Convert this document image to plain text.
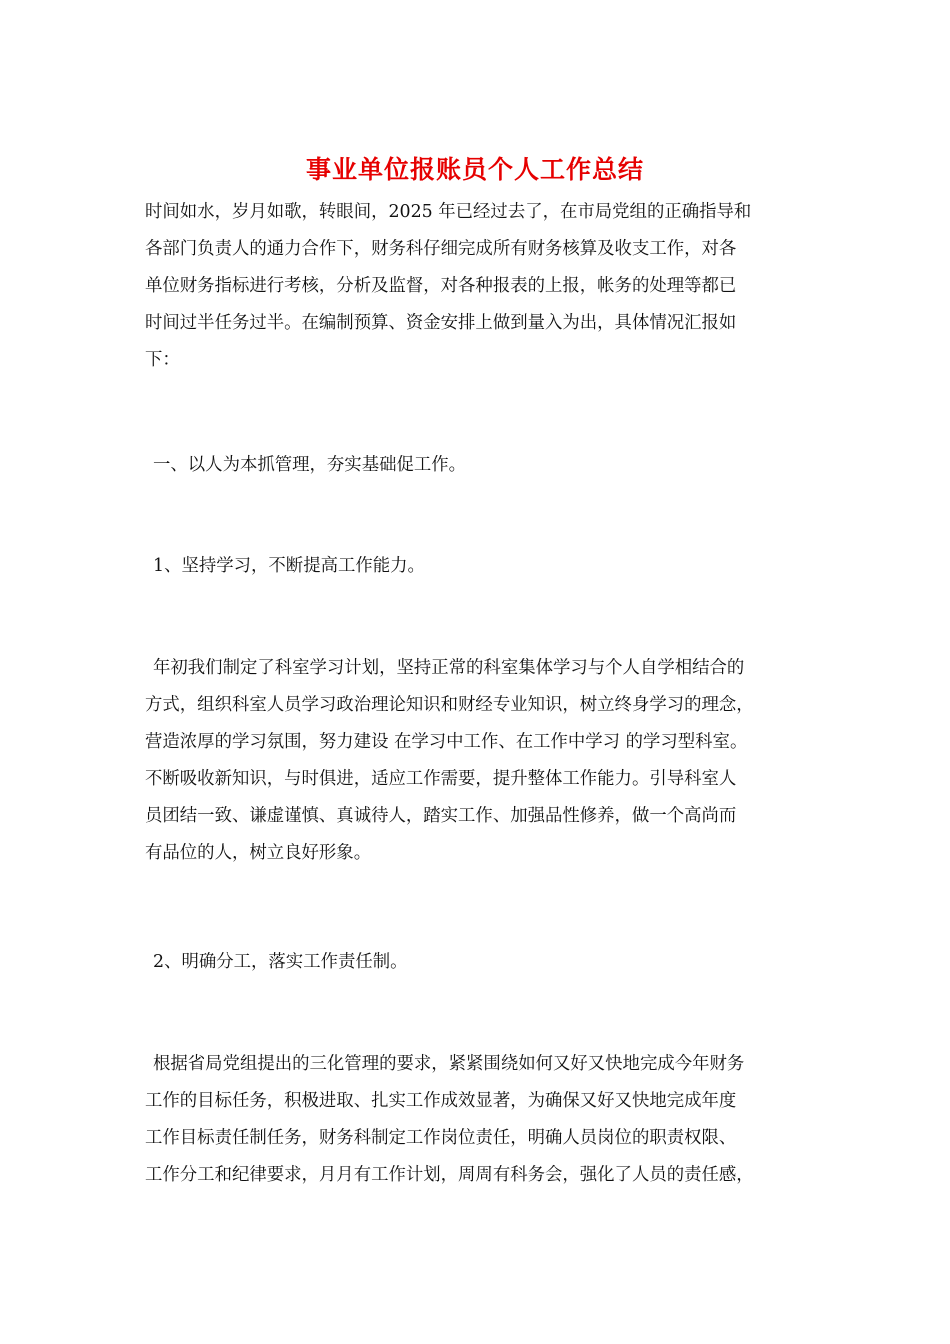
事业单位报账员个人工作总结
时间如水，岁月如歌，转眼间，2025 年已经过去了，在市局党组的正确指导和
各部门负责人的通力合作下，财务科仔细完成所有财务核算及收支工作，对各
单位财务指标进行考核，分析及监督，对各种报表的上报，帐务的处理等都已
时间过半任务过半。在编制预算、资金安排上做到量入为出，具体情况汇报如
下：
一、以人为本抓管理，夯实基础促工作。
1、坚持学习，不断提高工作能力。
年初我们制定了科室学习计划，坚持正常的科室集体学习与个人自学相结合的
方式，组织科室人员学习政治理论知识和财经专业知识，树立终身学习的理念，
营造浓厚的学习氛围，努力建设 在学习中工作、在工作中学习 的学习型科室。
不断吸收新知识，与时俱进，适应工作需要，提升整体工作能力。引导科室人
员团结一致、谦虚谨慎、真诚待人，踏实工作、加强品性修养，做一个高尚而
有品位的人，树立良好形象。
2、明确分工，落实工作责任制。
根据省局党组提出的三化管理的要求，紧紧围绕如何又好又快地完成今年财务
工作的目标任务，积极进取、扎实工作成效显著，为确保又好又快地完成年度
工作目标责任制任务，财务科制定工作岗位责任，明确人员岗位的职责权限、
工作分工和纪律要求，月月有工作计划，周周有科务会，强化了人员的责任感，
